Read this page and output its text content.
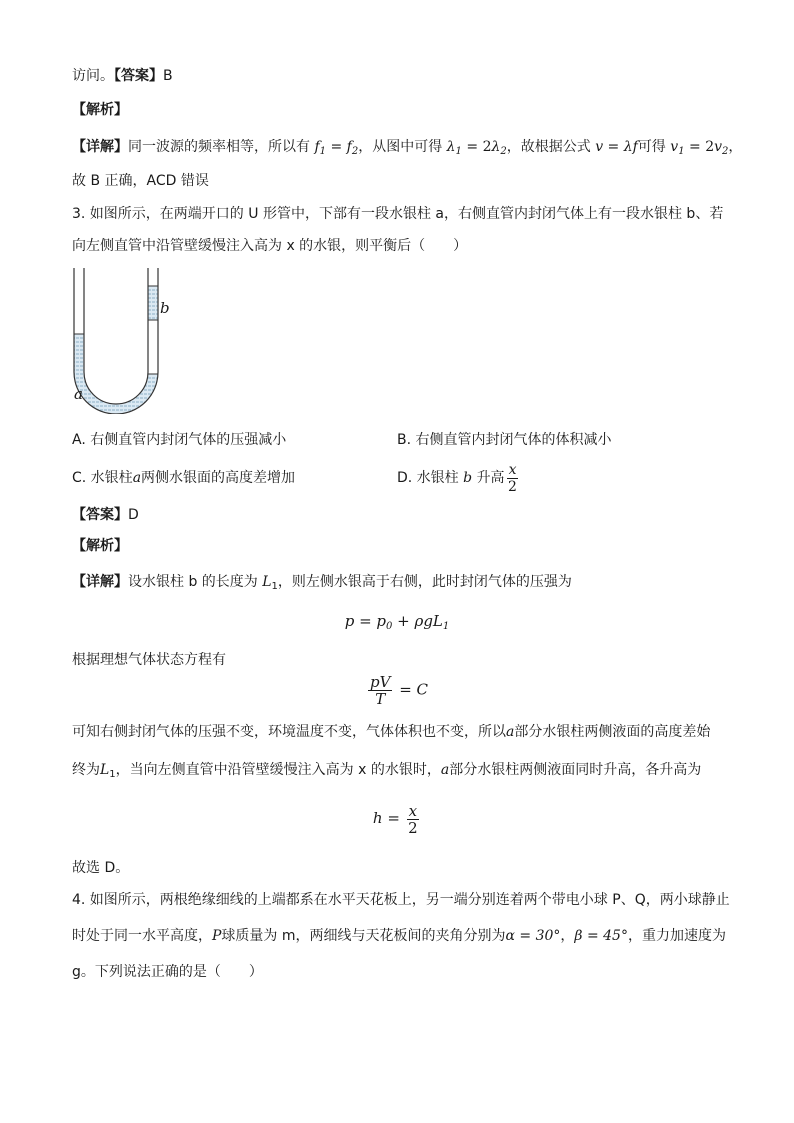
访问。【答案】B
【解析】
【详解】同一波源的频率相等，所以有 $f_1 = f_2$，从图中可得 $\lambda_1 = 2\lambda_2$，故根据公式 v = λf可得 $v_1 = 2v_2$，
故 B 正确，ACD 错误
3. 如图所示，在两端开口的 U 形管中，下部有一段水银柱 a，右侧直管内封闭气体上有一段水银柱 b、若
向左侧直管中沿管壁缓慢注入高为 x 的水银，则平衡后（　　）
b
a
A. 右侧直管内封闭气体的压强减小	B. 右侧直管内封闭气体的体积减小
C. 水银柱a两侧水银面的高度差增加	D. 水银柱 b 升高 $\frac{x}{2}$
【答案】D
【解析】
【详解】设水银柱 b 的长度为 $L_1$，则左侧水银高于右侧，此时封闭气体的压强为
$p = p_0 + \rho gL_1$
根据理想气体状态方程有
$\frac{pV}{T} = C$
可知右侧封闭气体的压强不变，环境温度不变，气体体积也不变，所以a部分水银柱两侧液面的高度差始
终为$L_1$，当向左侧直管中沿管壁缓慢注入高为 x 的水银时，a部分水银柱两侧液面同时升高，各升高为
$h = \frac{x}{2}$
故选 D。
4. 如图所示，两根绝缘细线的上端都系在水平天花板上，另一端分别连着两个带电小球 P、Q，两小球静止
时处于同一水平高度，P球质量为 m，两细线与天花板间的夹角分别为α = 30°，β = 45°，重力加速度为
g。下列说法正确的是（　　）
